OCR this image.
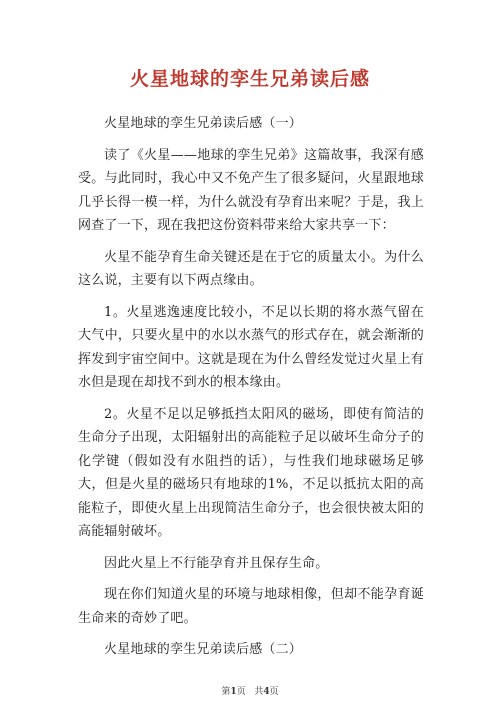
火星地球的孪生兄弟读后感

火星地球的孪生兄弟读后感（一）

读了《火星——地球的孪生兄弟》这篇故事，我深有感受。与此同时，我心中又不免产生了很多疑问，火星跟地球几乎长得一模一样，为什么就没有孕育出来呢？于是，我上网查了一下，现在我把这份资料带来给大家共享一下：

火星不能孕育生命关键还是在于它的质量太小。为什么这么说，主要有以下两点缘由。

1。火星逃逸速度比较小，不足以长期的将水蒸气留在大气中，只要火星中的水以水蒸气的形式存在，就会渐渐的挥发到宇宙空间中。这就是现在为什么曾经发觉过火星上有水但是现在却找不到水的根本缘由。

2。火星不足以足够抵挡太阳风的磁场，即使有简洁的生命分子出现，太阳辐射出的高能粒子足以破坏生命分子的化学键（假如没有水阻挡的话），与性我们地球磁场足够大，但是火星的磁场只有地球的1%，不足以抵抗太阳的高能粒子，即使火星上出现简洁生命分子，也会很快被太阳的高能辐射破坏。

因此火星上不行能孕育并且保存生命。

现在你们知道火星的环境与地球相像，但却不能孕育诞生命来的奇妙了吧。

火星地球的孪生兄弟读后感（二）

第1页 共4页
